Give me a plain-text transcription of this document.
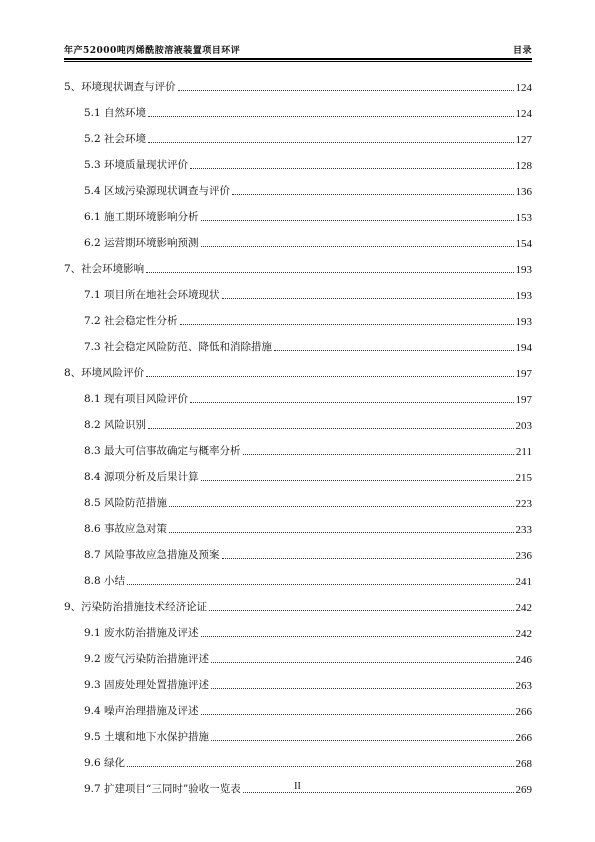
年产52000吨丙烯酰胺溶液装置项目环评	目录
5、环境现状调查与评价	124
5.1 自然环境	124
5.2 社会环境	127
5.3 环境质量现状评价	128
5.4 区域污染源现状调查与评价	136
6.1 施工期环境影响分析	153
6.2 运营期环境影响预测	154
7、社会环境影响	193
7.1 项目所在地社会环境现状	193
7.2 社会稳定性分析	193
7.3 社会稳定风险防范、降低和消除措施	194
8、环境风险评价	197
8.1 现有项目风险评价	197
8.2 风险识别	203
8.3 最大可信事故确定与概率分析	211
8.4 源项分析及后果计算	215
8.5 风险防范措施	223
8.6 事故应急对策	233
8.7 风险事故应急措施及预案	236
8.8 小结	241
9、污染防治措施技术经济论证	242
9.1 废水防治措施及评述	242
9.2 废气污染防治措施评述	246
9.3 固废处理处置措施评述	263
9.4 噪声治理措施及评述	266
9.5 土壤和地下水保护措施	266
9.6 绿化	268
9.7 扩建项目“三同时”验收一览表	269
II
